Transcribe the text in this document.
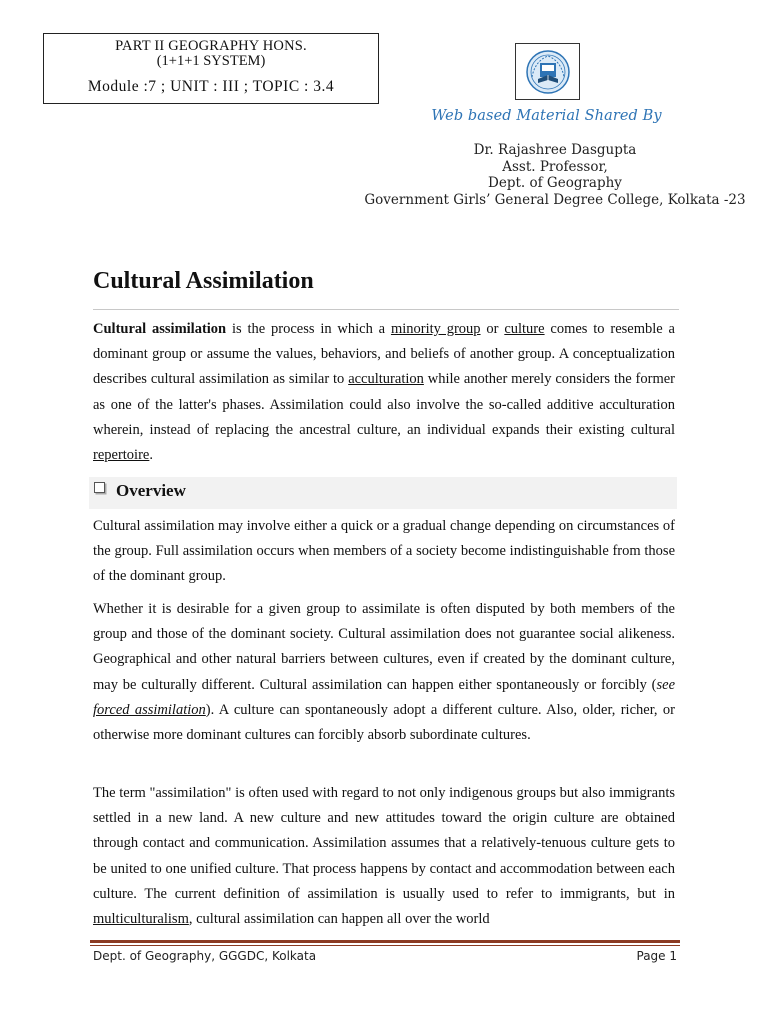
PART II GEOGRAPHY HONS.
(1+1+1 SYSTEM)
Module :7 ; UNIT : III ; TOPIC : 3.4
Web based Material Shared By
Dr. Rajashree Dasgupta
Asst. Professor,
Dept. of Geography
Government Girls’ General Degree College, Kolkata -23
Cultural Assimilation

Cultural assimilation is the process in which a minority group or culture comes to resemble a dominant group or assume the values, behaviors, and beliefs of another group. A conceptualization describes cultural assimilation as similar to acculturation while another merely considers the former as one of the latter's phases. Assimilation could also involve the so-called additive acculturation wherein, instead of replacing the ancestral culture, an individual expands their existing cultural repertoire.

Overview

Cultural assimilation may involve either a quick or a gradual change depending on circumstances of the group. Full assimilation occurs when members of a society become indistinguishable from those of the dominant group.

Whether it is desirable for a given group to assimilate is often disputed by both members of the group and those of the dominant society. Cultural assimilation does not guarantee social alikeness. Geographical and other natural barriers between cultures, even if created by the dominant culture, may be culturally different. Cultural assimilation can happen either spontaneously or forcibly (see forced assimilation). A culture can spontaneously adopt a different culture. Also, older, richer, or otherwise more dominant cultures can forcibly absorb subordinate cultures.

The term "assimilation" is often used with regard to not only indigenous groups but also immigrants settled in a new land. A new culture and new attitudes toward the origin culture are obtained through contact and communication. Assimilation assumes that a relatively-tenuous culture gets to be united to one unified culture. That process happens by contact and accommodation between each culture. The current definition of assimilation is usually used to refer to immigrants, but in multiculturalism, cultural assimilation can happen all over the world

Dept. of Geography, GGGDC, Kolkata	Page 1
